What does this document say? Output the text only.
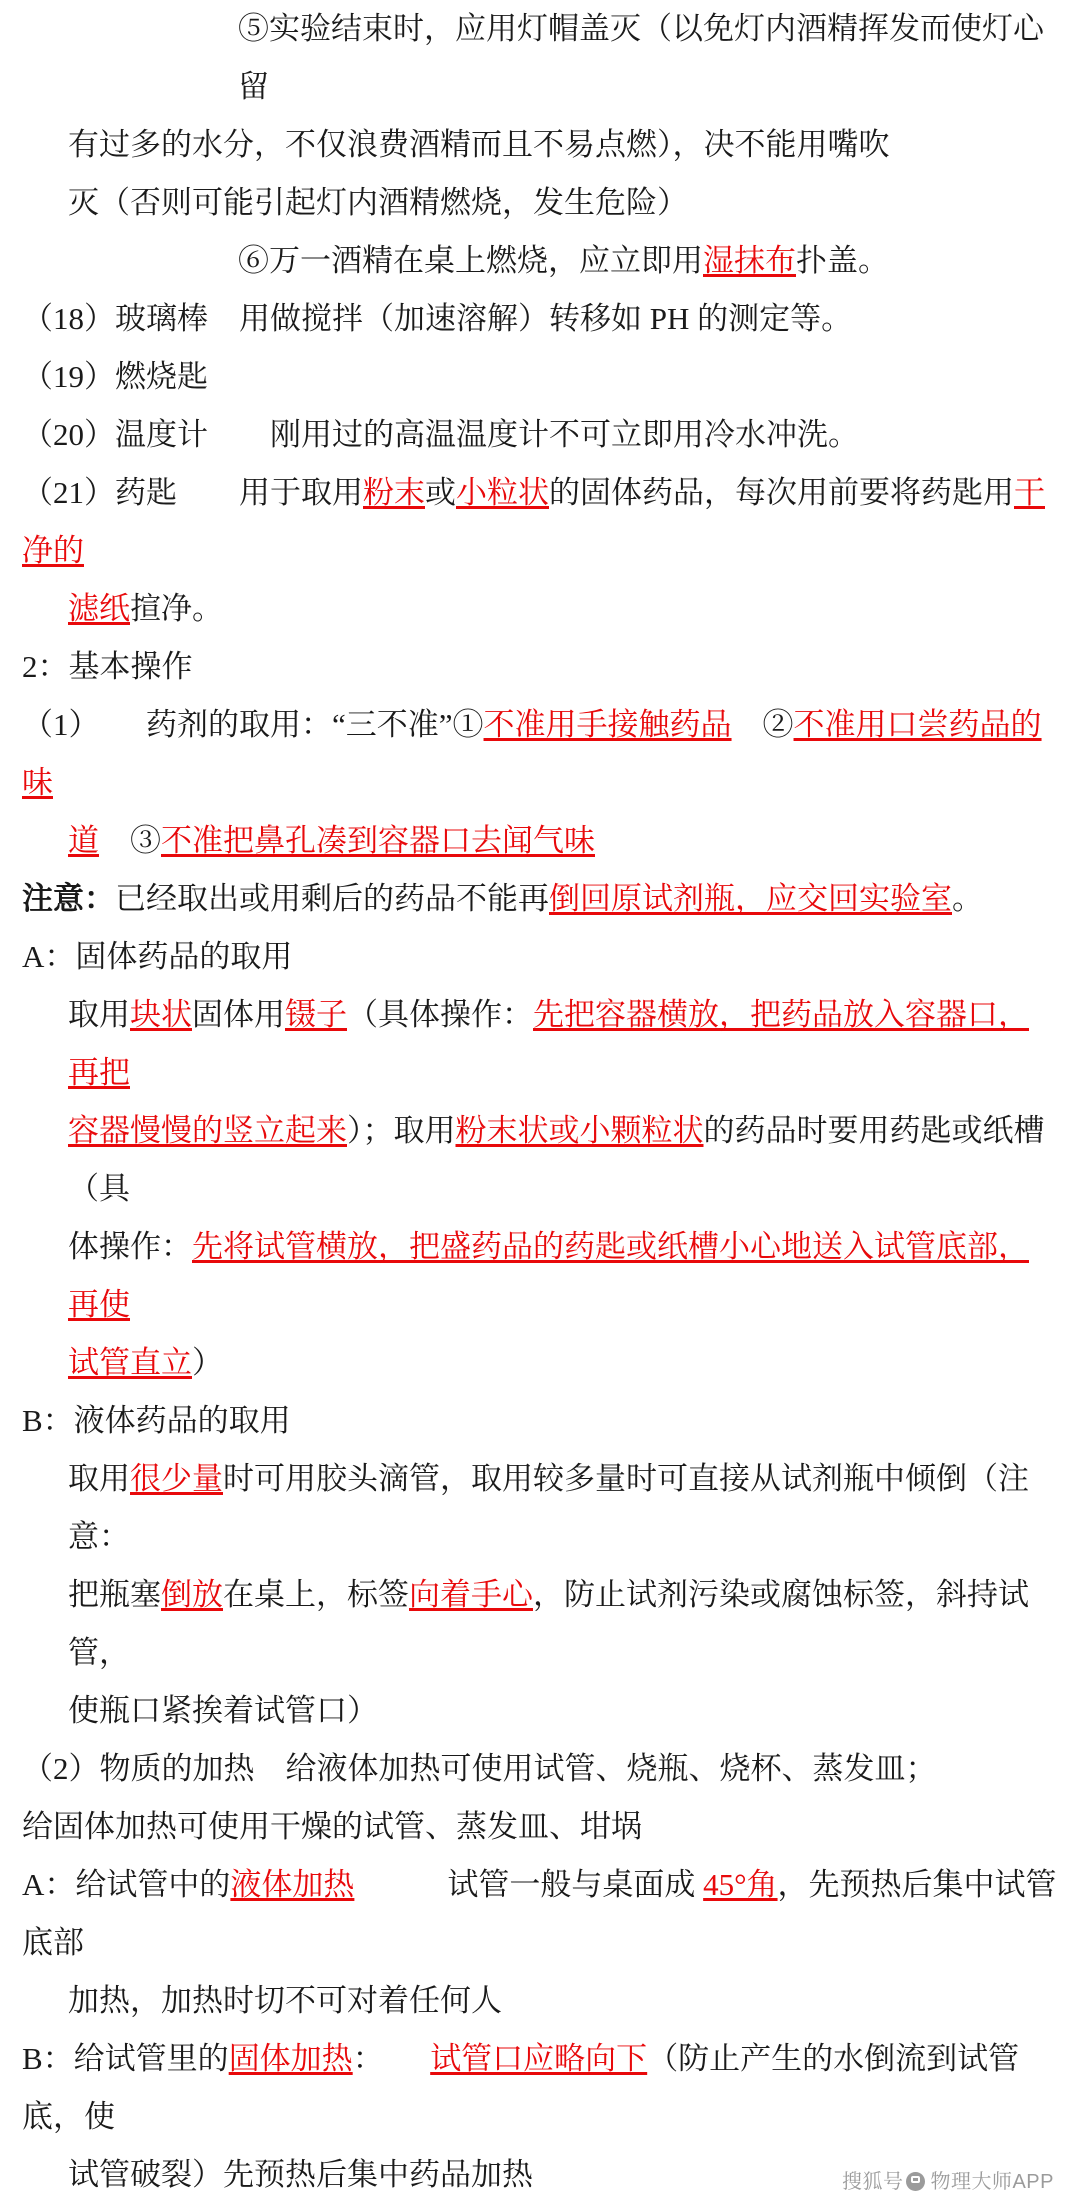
⑤实验结束时，应用灯帽盖灭（以免灯内酒精挥发而使灯心留
有过多的水分，不仅浪费酒精而且不易点燃），决不能用嘴吹
灭（否则可能引起灯内酒精燃烧，发生危险）
⑥万一酒精在桌上燃烧，应立即用湿抹布扑盖。
（18）玻璃棒　用做搅拌（加速溶解）转移如 PH 的测定等。
（19）燃烧匙
（20）温度计　　刚用过的高温温度计不可立即用冷水冲洗。
（21）药匙　　用于取用粉末或小粒状的固体药品，每次用前要将药匙用干净的
滤纸揎净。
2：基本操作
（1）　　药剂的取用：“三不准”①不准用手接触药品　②不准用口尝药品的味
道　③不准把鼻孔凑到容器口去闻气味
注意：已经取出或用剩后的药品不能再倒回原试剂瓶，应交回实验室。
A：固体药品的取用
取用块状固体用镊子（具体操作：先把容器横放，把药品放入容器口，再把
容器慢慢的竖立起来）；取用粉末状或小颗粒状的药品时要用药匙或纸槽（具
体操作：先将试管横放，把盛药品的药匙或纸槽小心地送入试管底部，再使
试管直立）
B：液体药品的取用
取用很少量时可用胶头滴管，取用较多量时可直接从试剂瓶中倾倒（注意：
把瓶塞倒放在桌上，标签向着手心，防止试剂污染或腐蚀标签，斜持试管，
使瓶口紧挨着试管口）
（2）物质的加热　给液体加热可使用试管、烧瓶、烧杯、蒸发皿；
给固体加热可使用干燥的试管、蒸发皿、坩埚
A：给试管中的液体加热　　　试管一般与桌面成 45°角，先预热后集中试管底部
加热，加热时切不可对着任何人
B：给试管里的固体加热：　　试管口应略向下（防止产生的水倒流到试管底，使
试管破裂）先预热后集中药品加热	搜狐号 物理大师APP
